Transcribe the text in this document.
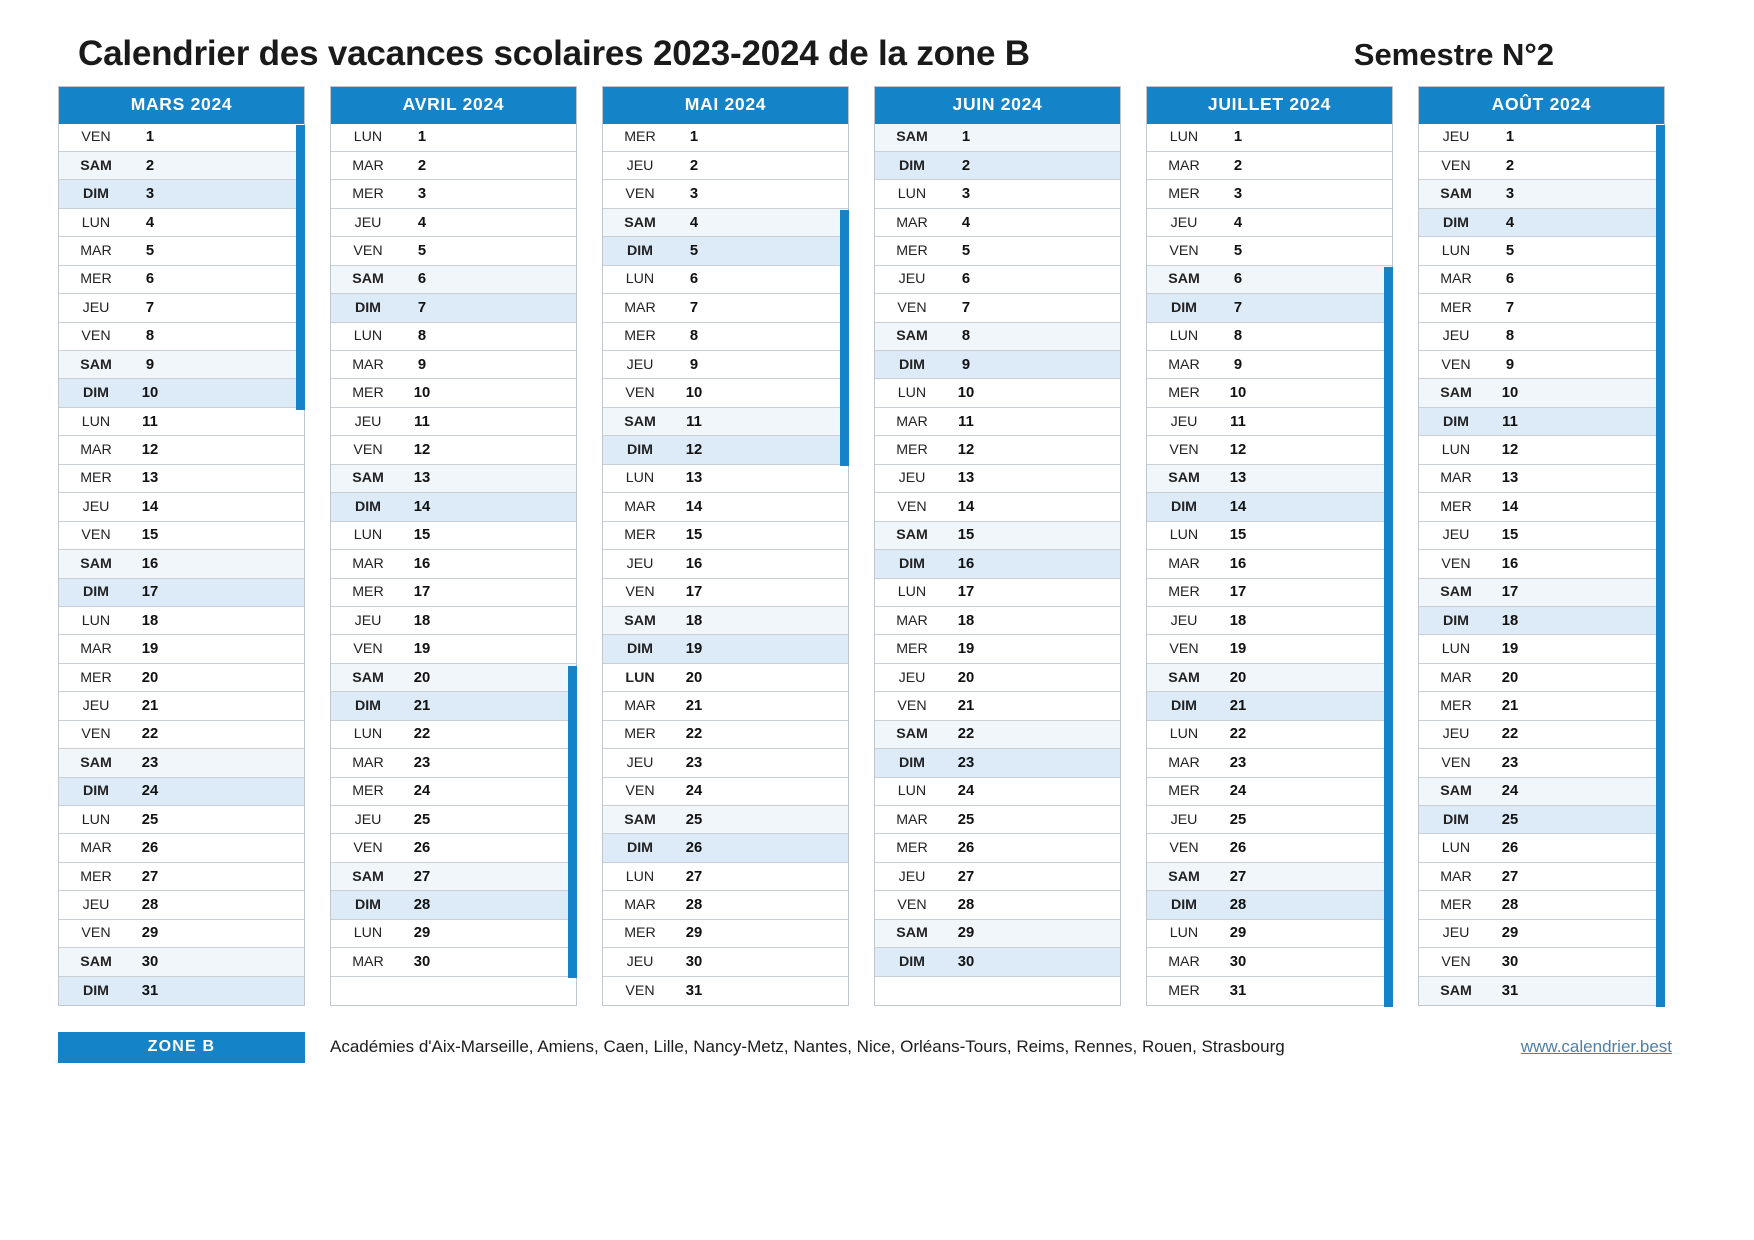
Calendrier des vacances scolaires 2023-2024 de la zone B	Semestre N°2
MARS 2024
VEN	1
SAM	2
DIM	3
LUN	4
MAR	5
MER	6
JEU	7
VEN	8
SAM	9
DIM	10
LUN	11
MAR	12
MER	13
JEU	14
VEN	15
SAM	16
DIM	17
LUN	18
MAR	19
MER	20
JEU	21
VEN	22
SAM	23
DIM	24
LUN	25
MAR	26
MER	27
JEU	28
VEN	29
SAM	30
DIM	31
AVRIL 2024
LUN	1
MAR	2
MER	3
JEU	4
VEN	5
SAM	6
DIM	7
LUN	8
MAR	9
MER	10
JEU	11
VEN	12
SAM	13
DIM	14
LUN	15
MAR	16
MER	17
JEU	18
VEN	19
SAM	20
DIM	21
LUN	22
MAR	23
MER	24
JEU	25
VEN	26
SAM	27
DIM	28
LUN	29
MAR	30
MAI 2024
MER	1
JEU	2
VEN	3
SAM	4
DIM	5
LUN	6
MAR	7
MER	8
JEU	9
VEN	10
SAM	11
DIM	12
LUN	13
MAR	14
MER	15
JEU	16
VEN	17
SAM	18
DIM	19
LUN	20
MAR	21
MER	22
JEU	23
VEN	24
SAM	25
DIM	26
LUN	27
MAR	28
MER	29
JEU	30
VEN	31
JUIN 2024
SAM	1
DIM	2
LUN	3
MAR	4
MER	5
JEU	6
VEN	7
SAM	8
DIM	9
LUN	10
MAR	11
MER	12
JEU	13
VEN	14
SAM	15
DIM	16
LUN	17
MAR	18
MER	19
JEU	20
VEN	21
SAM	22
DIM	23
LUN	24
MAR	25
MER	26
JEU	27
VEN	28
SAM	29
DIM	30
JUILLET 2024
LUN	1
MAR	2
MER	3
JEU	4
VEN	5
SAM	6
DIM	7
LUN	8
MAR	9
MER	10
JEU	11
VEN	12
SAM	13
DIM	14
LUN	15
MAR	16
MER	17
JEU	18
VEN	19
SAM	20
DIM	21
LUN	22
MAR	23
MER	24
JEU	25
VEN	26
SAM	27
DIM	28
LUN	29
MAR	30
MER	31
AOÛT 2024
JEU	1
VEN	2
SAM	3
DIM	4
LUN	5
MAR	6
MER	7
JEU	8
VEN	9
SAM	10
DIM	11
LUN	12
MAR	13
MER	14
JEU	15
VEN	16
SAM	17
DIM	18
LUN	19
MAR	20
MER	21
JEU	22
VEN	23
SAM	24
DIM	25
LUN	26
MAR	27
MER	28
JEU	29
VEN	30
SAM	31
ZONE B	Académies d'Aix-Marseille, Amiens, Caen, Lille, Nancy-Metz, Nantes, Nice, Orléans-Tours, Reims, Rennes, Rouen, Strasbourg	www.calendrier.best
